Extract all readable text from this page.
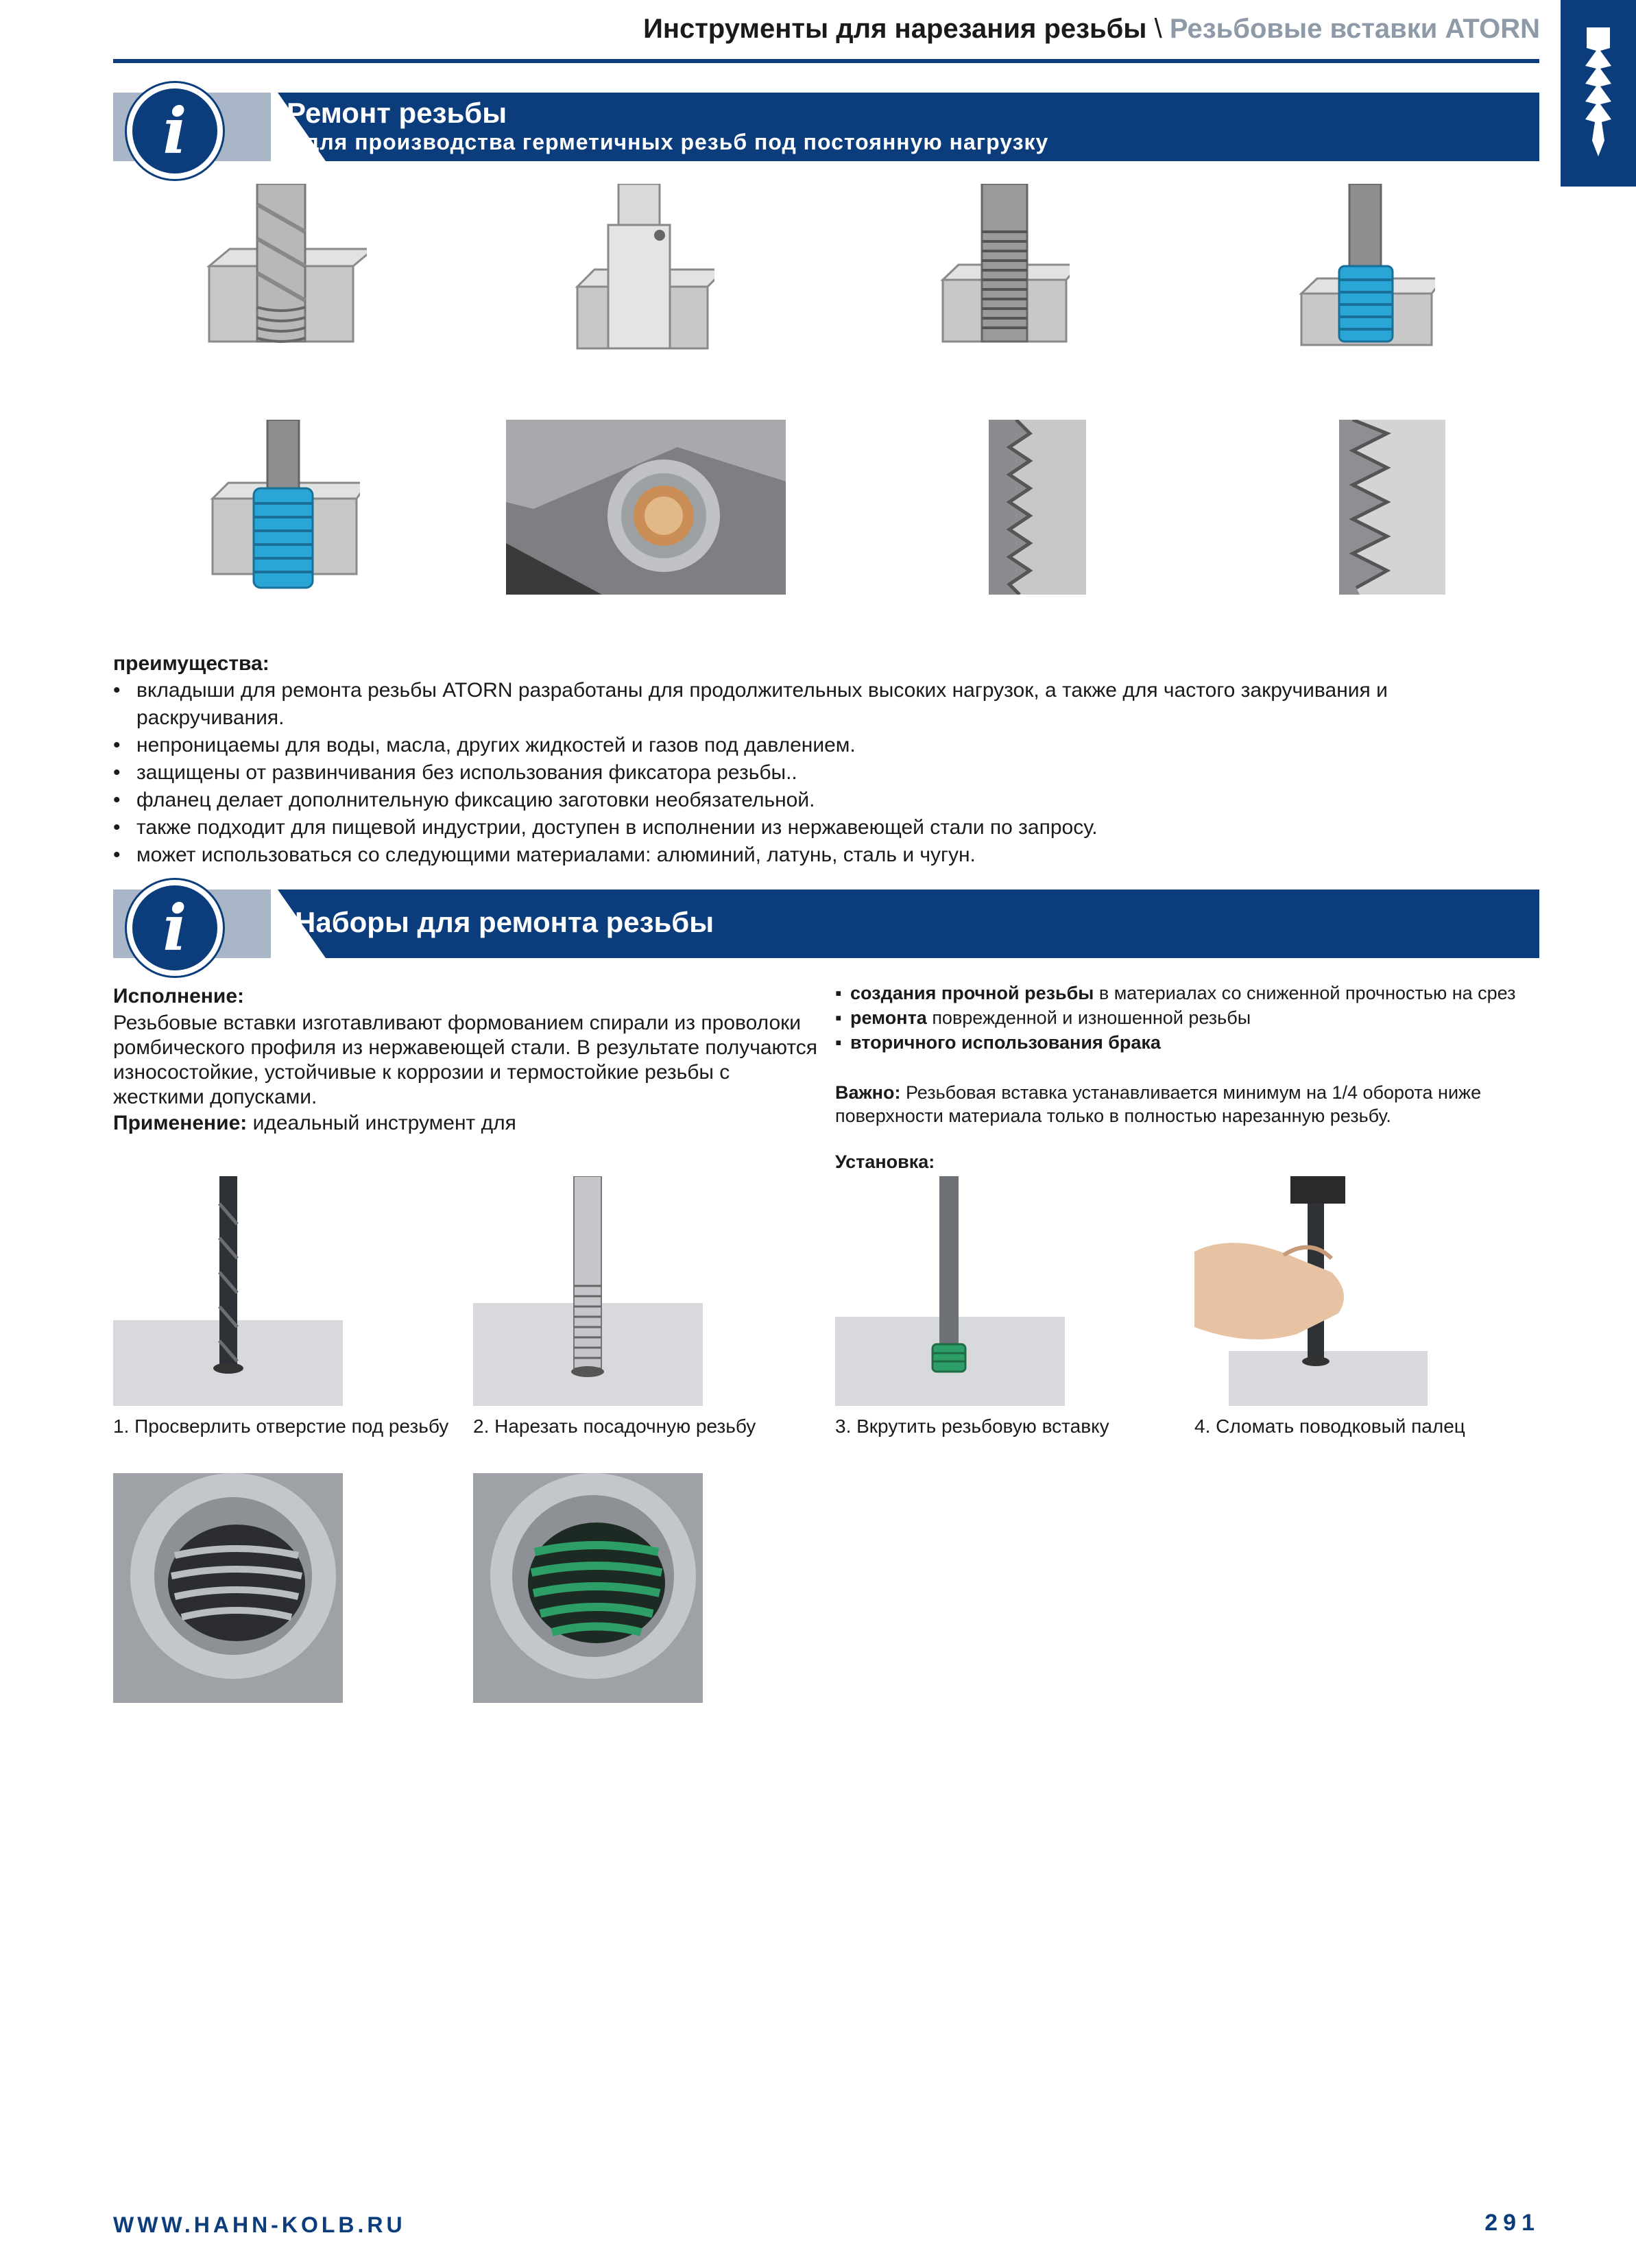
Инструменты для нарезания резьбы \ Резьбовые вставки ATORN
i	Ремонт резьбы
для производства герметичных резьб под постоянную нагрузку
преимущества:
• вкладыши для ремонта резьбы ATORN разработаны для продолжительных высоких нагрузок, а также для частого закручивания и раскручивания.
• непроницаемы для воды, масла, других жидкостей и газов под давлением.
• защищены от развинчивания без использования фиксатора резьбы..
• фланец делает дополнительную фиксацию заготовки необязательной.
• также подходит для пищевой индустрии, доступен в исполнении из нержавеющей стали по запросу.
• может использоваться со следующими материалами: алюминий, латунь, сталь и чугун.
i	Наборы для ремонта резьбы
Исполнение:
Резьбовые вставки изготавливают формованием спирали из проволоки ромбического профиля из нержавеющей стали. В результате получаются износостойкие, устойчивые к коррозии и термостойкие резьбы с жесткими допусками.
Применение: идеальный инструмент для
▪ создания прочной резьбы в материалах со сниженной прочностью на срез
▪ ремонта поврежденной и изношенной резьбы
▪ вторичного использования брака
Важно: Резьбовая вставка устанавливается минимум на 1/4 оборота ниже поверхности материала только в полностью нарезанную резьбу.
Установка:
1. Просверлить отверстие под резьбу 2. Нарезать посадочную резьбу	3. Вкрутить резьбовую вставку	4. Сломать поводковый палец
WWW.HAHN-KOLB.RU	291
